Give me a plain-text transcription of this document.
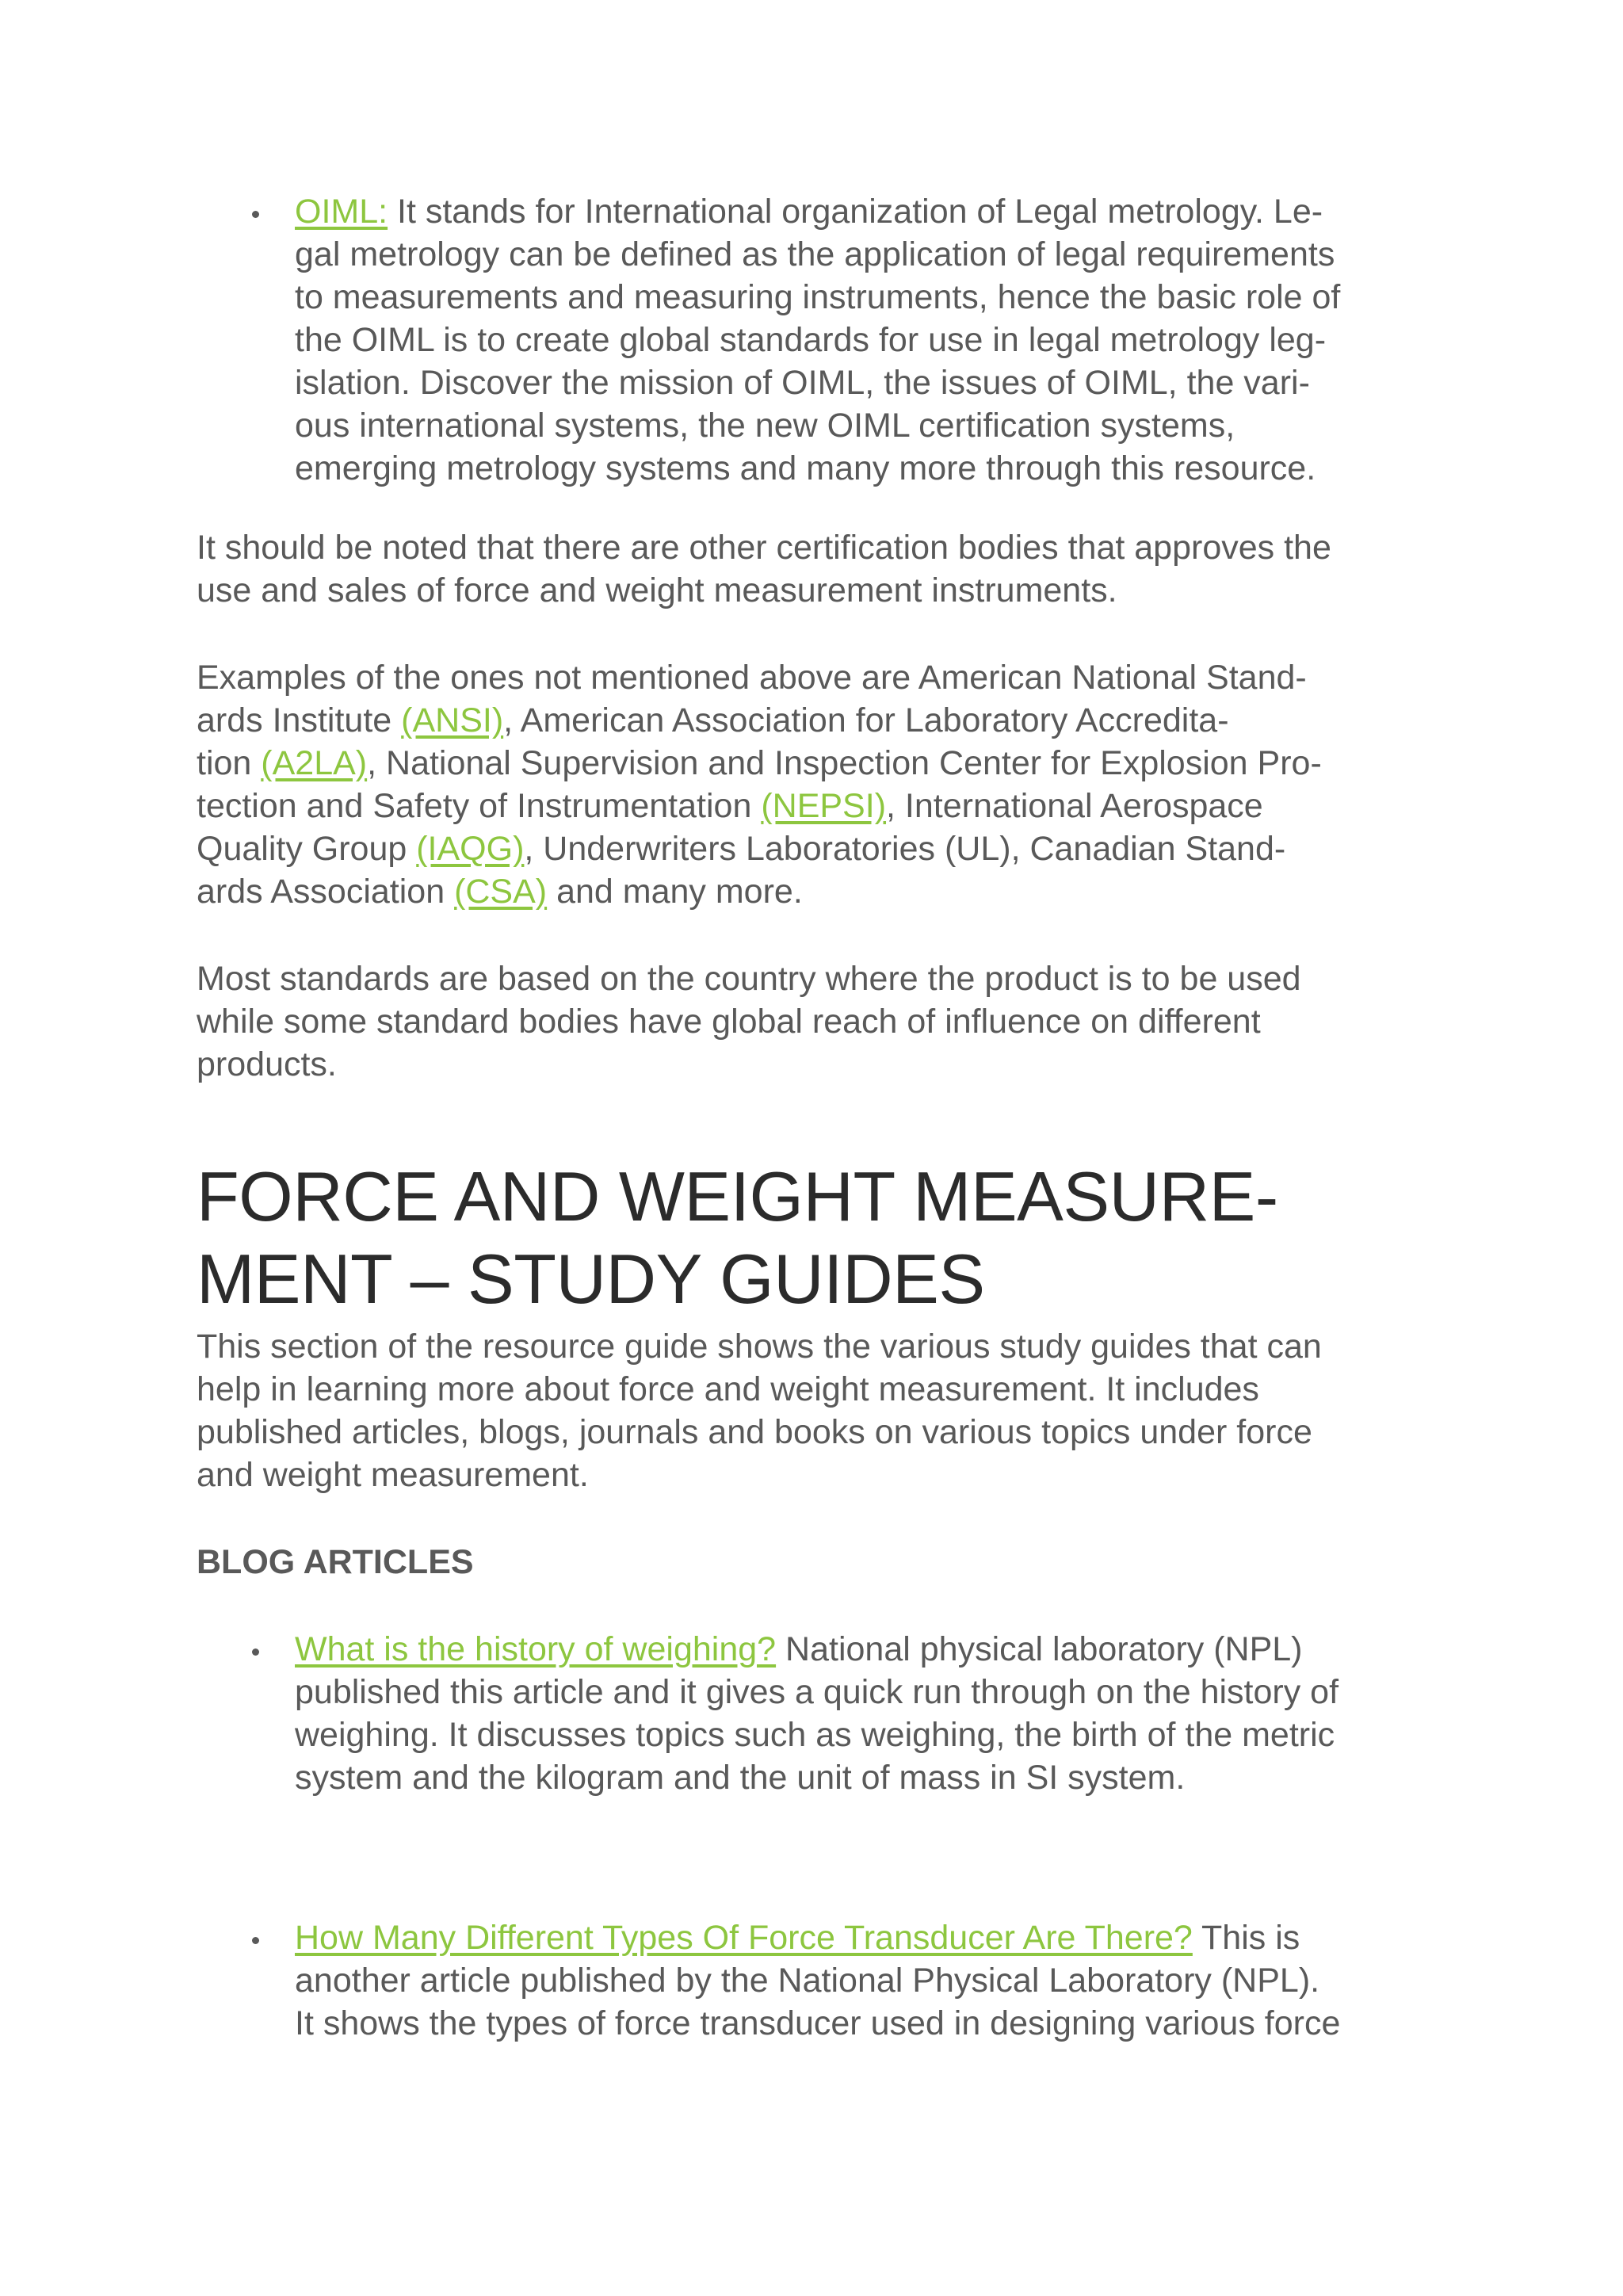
OIML: It stands for International organization of Legal metrology. Le-
gal metrology can be defined as the application of legal requirements
to measurements and measuring instruments, hence the basic role of
the OIML is to create global standards for use in legal metrology leg-
islation. Discover the mission of OIML, the issues of OIML, the vari-
ous international systems, the new OIML certification systems,
emerging metrology systems and many more through this resource.

It should be noted that there are other certification bodies that approves the
use and sales of force and weight measurement instruments.

Examples of the ones not mentioned above are American National Stand-
ards Institute (ANSI), American Association for Laboratory Accredita-
tion (A2LA), National Supervision and Inspection Center for Explosion Pro-
tection and Safety of Instrumentation (NEPSI), International Aerospace
Quality Group (IAQG), Underwriters Laboratories (UL), Canadian Stand-
ards Association (CSA) and many more.

Most standards are based on the country where the product is to be used
while some standard bodies have global reach of influence on different
products.

FORCE AND WEIGHT MEASURE-
MENT – STUDY GUIDES

This section of the resource guide shows the various study guides that can
help in learning more about force and weight measurement. It includes
published articles, blogs, journals and books on various topics under force
and weight measurement.

BLOG ARTICLES
What is the history of weighing? National physical laboratory (NPL)
published this article and it gives a quick run through on the history of
weighing. It discusses topics such as weighing, the birth of the metric
system and the kilogram and the unit of mass in SI system.
How Many Different Types Of Force Transducer Are There? This is
another article published by the National Physical Laboratory (NPL).
It shows the types of force transducer used in designing various force
